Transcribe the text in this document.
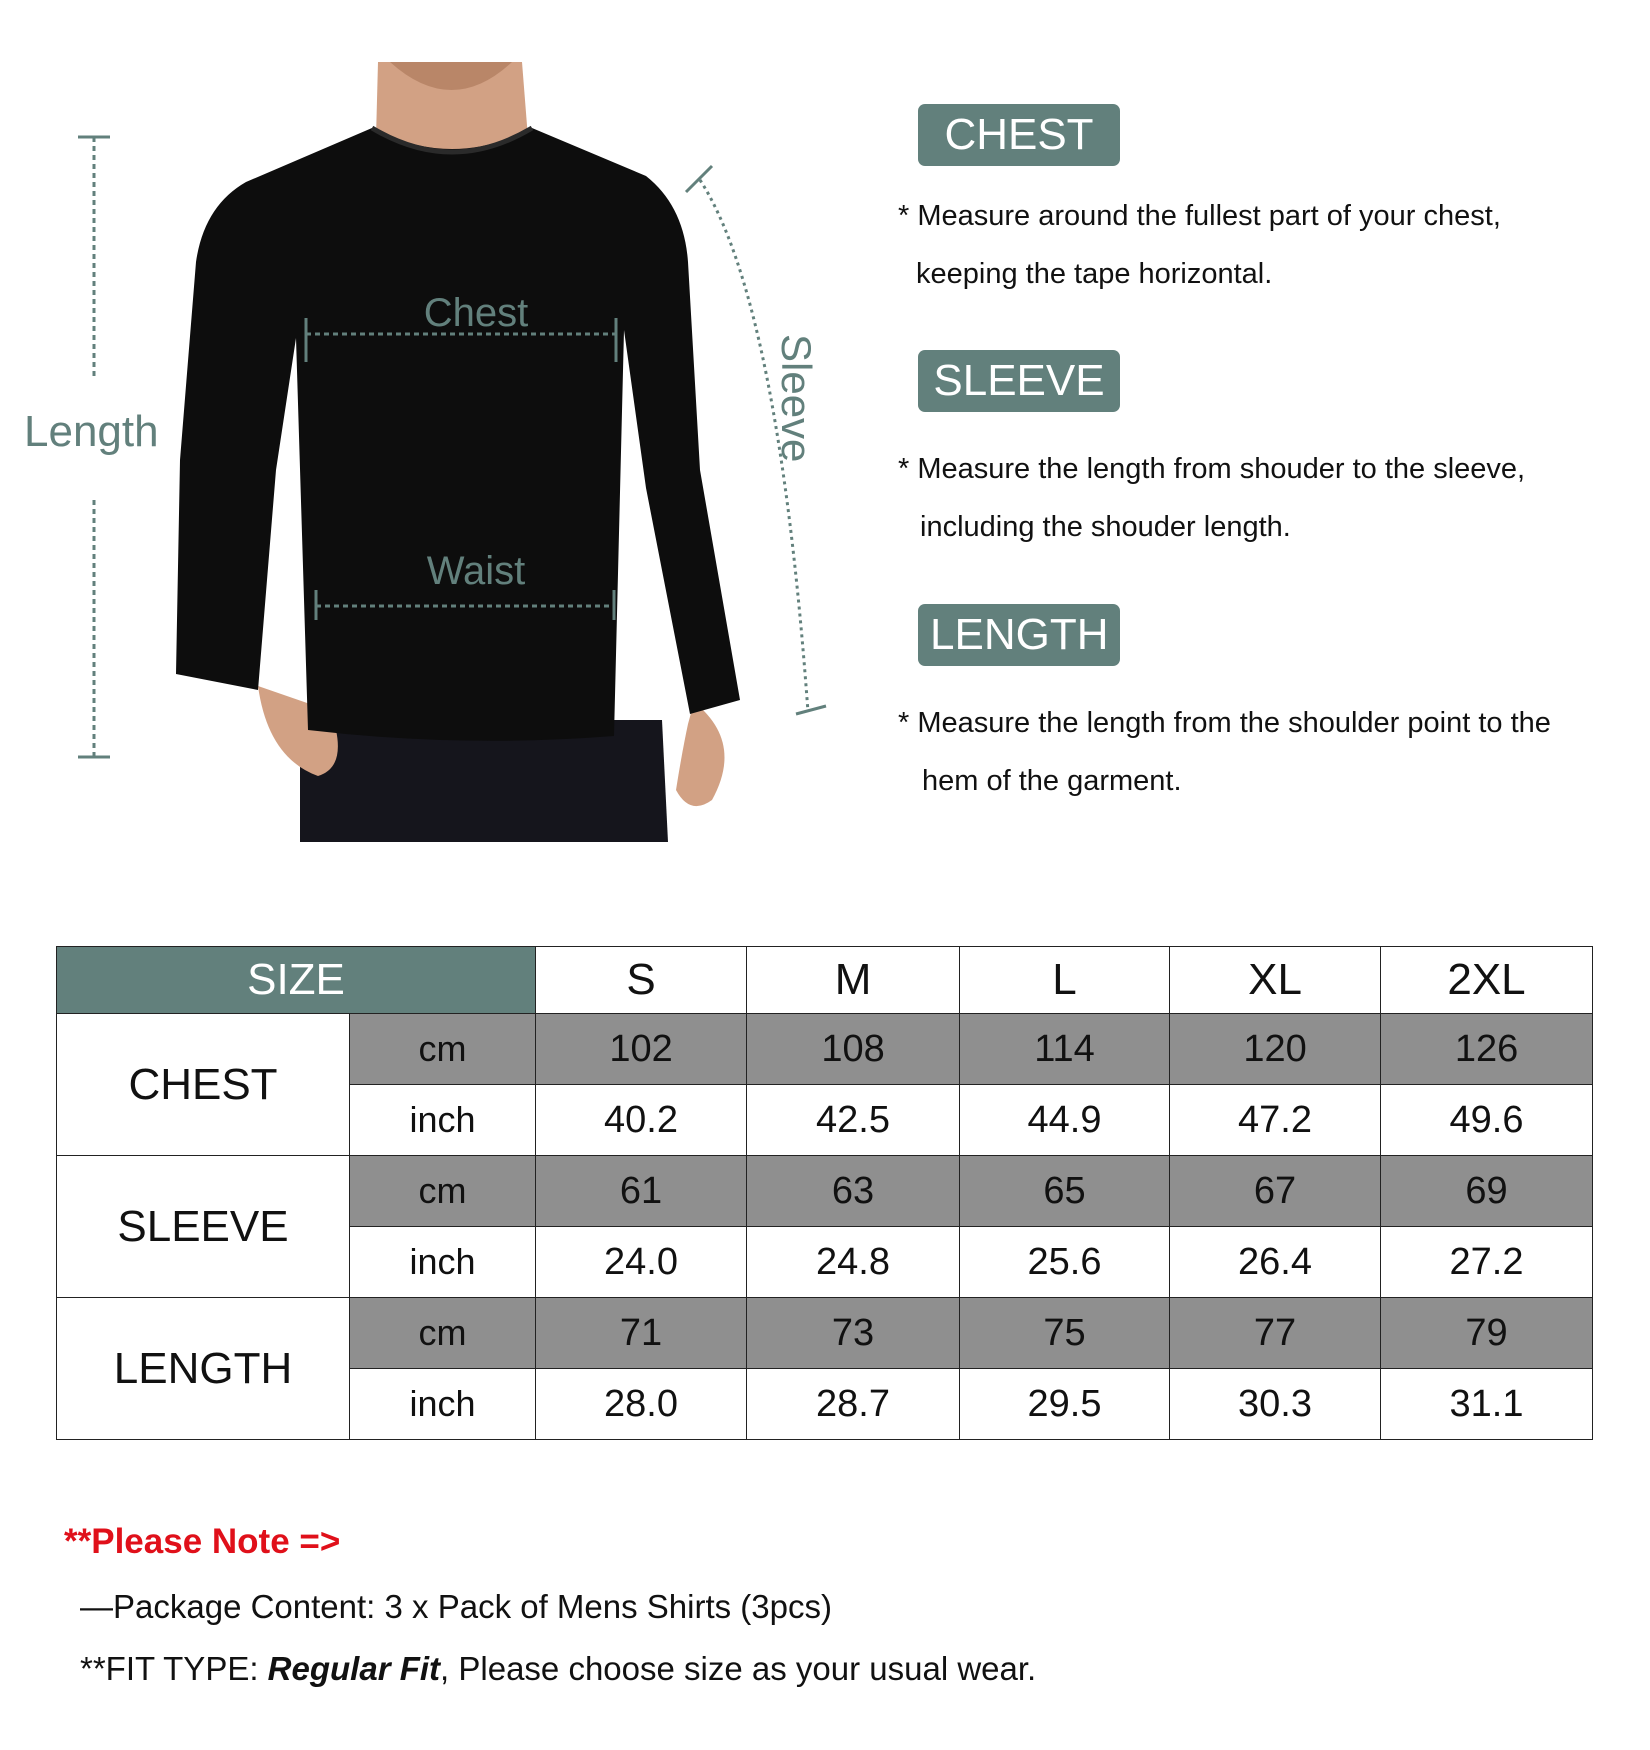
Length
Chest
Waist
Sleeve
CHEST
* Measure around the fullest part of your chest,
keeping the tape horizontal.
SLEEVE
* Measure the length from shouder to the sleeve,
including the shouder length.
LENGTH
* Measure the length from the shoulder point to the
hem of the garment.
SIZE		S	M	L	XL	2XL
CHEST	cm	102	108	114	120	126
	inch	40.2	42.5	44.9	47.2	49.6
SLEEVE	cm	61	63	65	67	69
	inch	24.0	24.8	25.6	26.4	27.2
LENGTH	cm	71	73	75	77	79
	inch	28.0	28.7	29.5	30.3	31.1
**Please Note =>
—Package Content: 3 x Pack of Mens Shirts (3pcs)
**FIT TYPE: Regular Fit, Please choose size as your usual wear.
